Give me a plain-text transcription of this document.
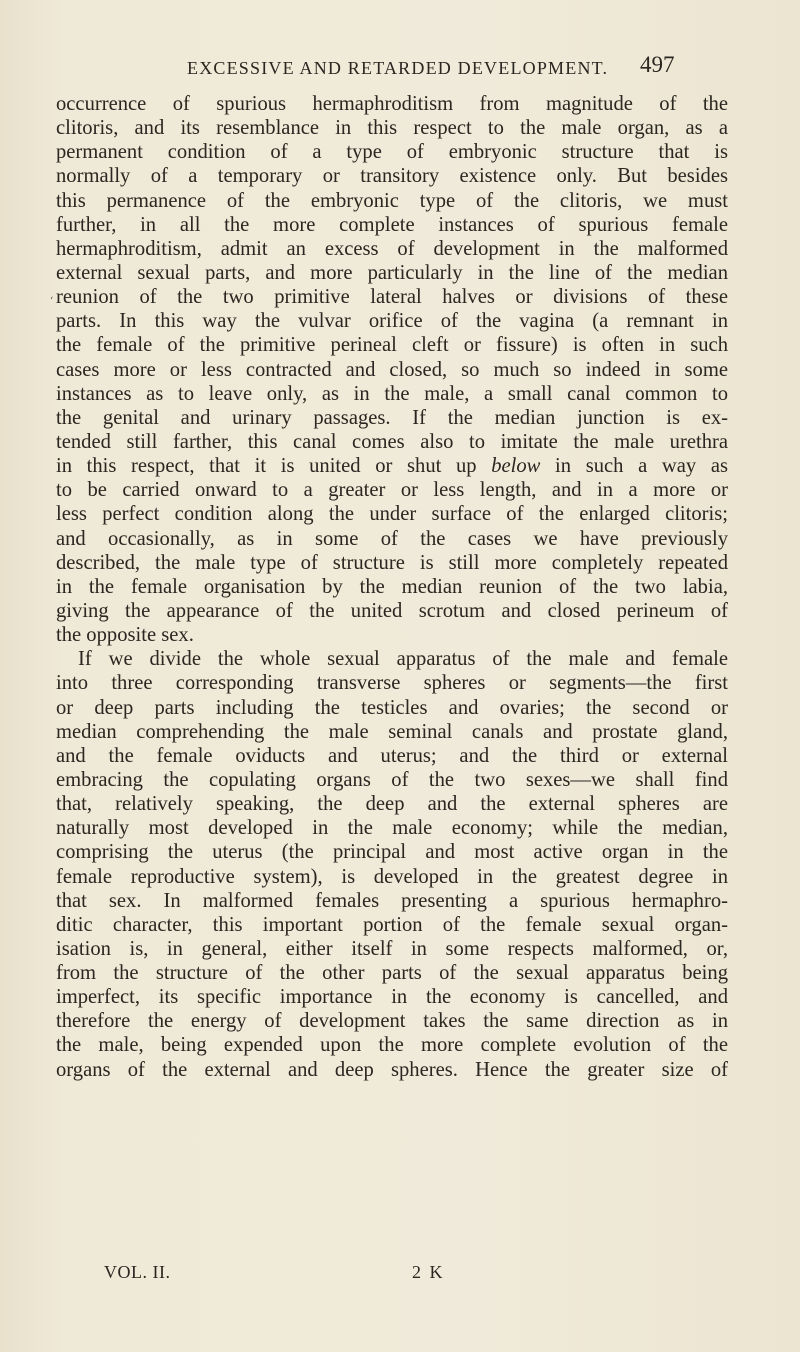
EXCESSIVE AND RETARDED DEVELOPMENT. 497
‘
occurrence of spurious hermaphroditism from magnitude of the
clitoris, and its resemblance in this respect to the male organ, as a
permanent condition of a type of embryonic structure that is
normally of a temporary or transitory existence only. But besides
this permanence of the embryonic type of the clitoris, we must
further, in all the more complete instances of spurious female
hermaphroditism, admit an excess of development in the malformed
external sexual parts, and more particularly in the line of the median
reunion of the two primitive lateral halves or divisions of these
parts. In this way the vulvar orifice of the vagina (a remnant in
the female of the primitive perineal cleft or fissure) is often in such
cases more or less contracted and closed, so much so indeed in some
instances as to leave only, as in the male, a small canal common to
the genital and urinary passages. If the median junction is ex-
tended still farther, this canal comes also to imitate the male urethra
in this respect, that it is united or shut up below in such a way as
to be carried onward to a greater or less length, and in a more or
less perfect condition along the under surface of the enlarged clitoris;
and occasionally, as in some of the cases we have previously
described, the male type of structure is still more completely repeated
in the female organisation by the median reunion of the two labia,
giving the appearance of the united scrotum and closed perineum of
the opposite sex.
If we divide the whole sexual apparatus of the male and female
into three corresponding transverse spheres or segments—the first
or deep parts including the testicles and ovaries; the second or
median comprehending the male seminal canals and prostate gland,
and the female oviducts and uterus; and the third or external
embracing the copulating organs of the two sexes—we shall find
that, relatively speaking, the deep and the external spheres are
naturally most developed in the male economy; while the median,
comprising the uterus (the principal and most active organ in the
female reproductive system), is developed in the greatest degree in
that sex. In malformed females presenting a spurious hermaphro-
ditic character, this important portion of the female sexual organ-
isation is, in general, either itself in some respects malformed, or,
from the structure of the other parts of the sexual apparatus being
imperfect, its specific importance in the economy is cancelled, and
therefore the energy of development takes the same direction as in
the male, being expended upon the more complete evolution of the
organs of the external and deep spheres. Hence the greater size of
VOL. II.	2 K
